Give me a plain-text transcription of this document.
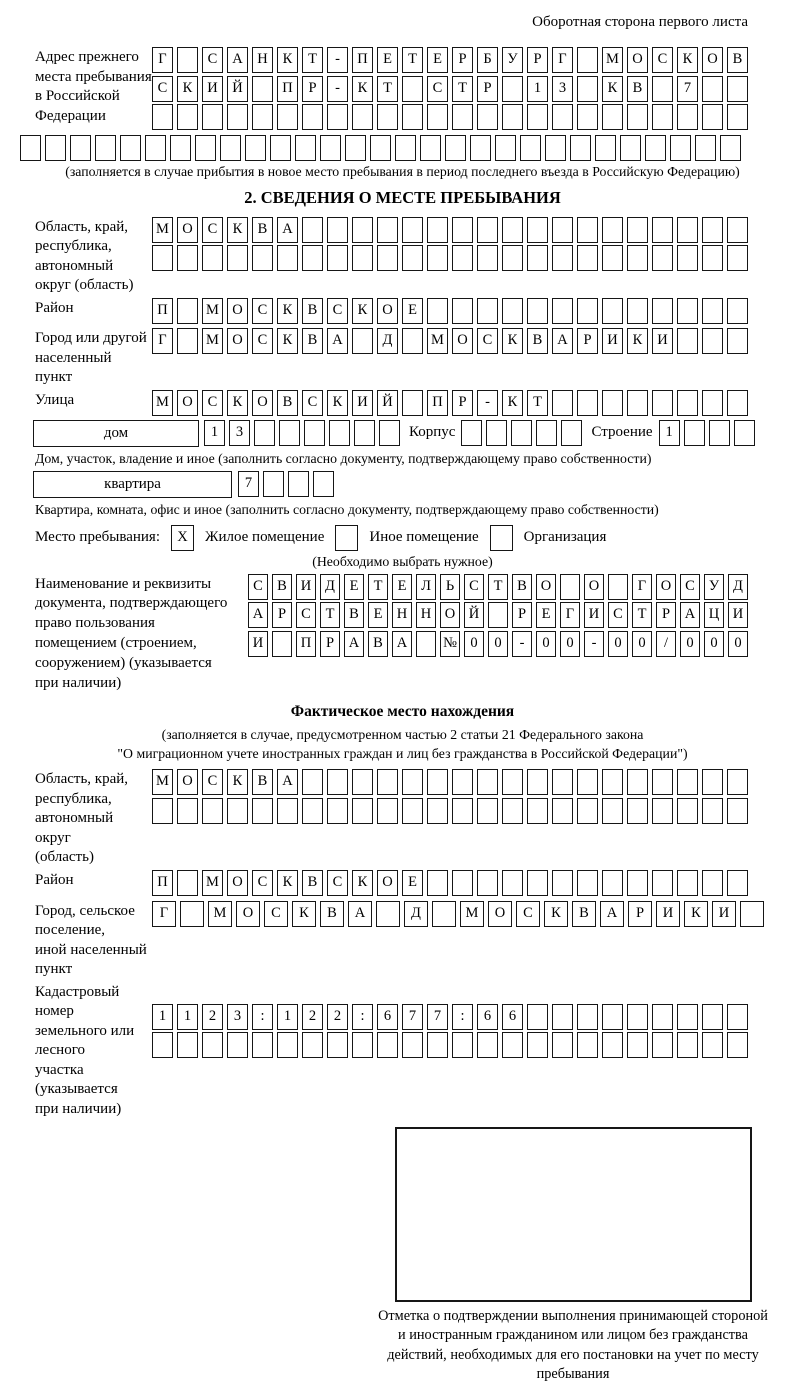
Оборотная сторона первого листа
Адрес прежнего
места пребывания
в Российской
Федерации
Г	С	А	Н	К	Т	-	П	Е	Т	Е	Р	Б	У	Р	Г	М О	С	К	О	В
С	К	И	Й	П	Р	-	К	Т	С	Т	Р	1	3	К	В	7
(заполняется в случае прибытия в новое место пребывания в период последнего въезда в Российскую Федерацию)
2. СВЕДЕНИЯ О МЕСТЕ ПРЕБЫВАНИЯ
Область, край,
республика,
автономный
округ (область)
М О	С	К	В	А
Район	П	М О	С	К	В	С	К	О	Е
Город или другой
населенный пункт
Г	М О	С	К	В	А	Д	М О	С	К	В	А	Р	И	К	И
Улица	М О	С	К	О	В	С	К	И	Й	П	Р	-	К	Т
дом	1	3	Корпус	Строение 1
Дом, участок, владение и иное (заполнить согласно документу, подтверждающему право собственности)
квартира	7
Квартира, комната, офис и иное (заполнить согласно документу, подтверждающему право собственности)
Место пребывания:	X	Жилое помещение	Иное помещение	Организация
(Необходимо выбрать нужное)
Наименование и реквизиты
документа, подтверждающего
право пользования
помещением (строением,
сооружением) (указывается
при наличии)
С В И Д	Е	Т	Е	Л	Ь	С	Т	В О	О	Г	О С У Д
А	Р	С	Т	В	Е Н Н О Й	Р	Е	Г	И С	Т	Р	А Ц И
И	П	Р	А В А	№ 0	0	-	0	0	-	0	0	/	0	0	0
Фактическое место нахождения
(заполняется в случае, предусмотренном частью 2 статьи 21 Федерального закона
"О миграционном учете иностранных граждан и лиц без гражданства в Российской Федерации")
Область, край,
республика,
автономный округ
(область)
М О	С	К	В	А
Район	П	М О	С	К	В	С	К	О	Е
Город, сельское поселение,
иной населенный пункт
Г	М	О	С	К	В	А	Д	М	О	С	К	В	А	Р	И	К	И
Кадастровый номер
земельного или лесного
участка (указывается
при наличии)
1	1	2	3	:	1	2	2	:	6	7	7	:	6	6
Отметка о подтверждении выполнения принимающей стороной и иностранным гражданином или лицом без гражданства действий, необходимых для его постановки на учет по месту пребывания
